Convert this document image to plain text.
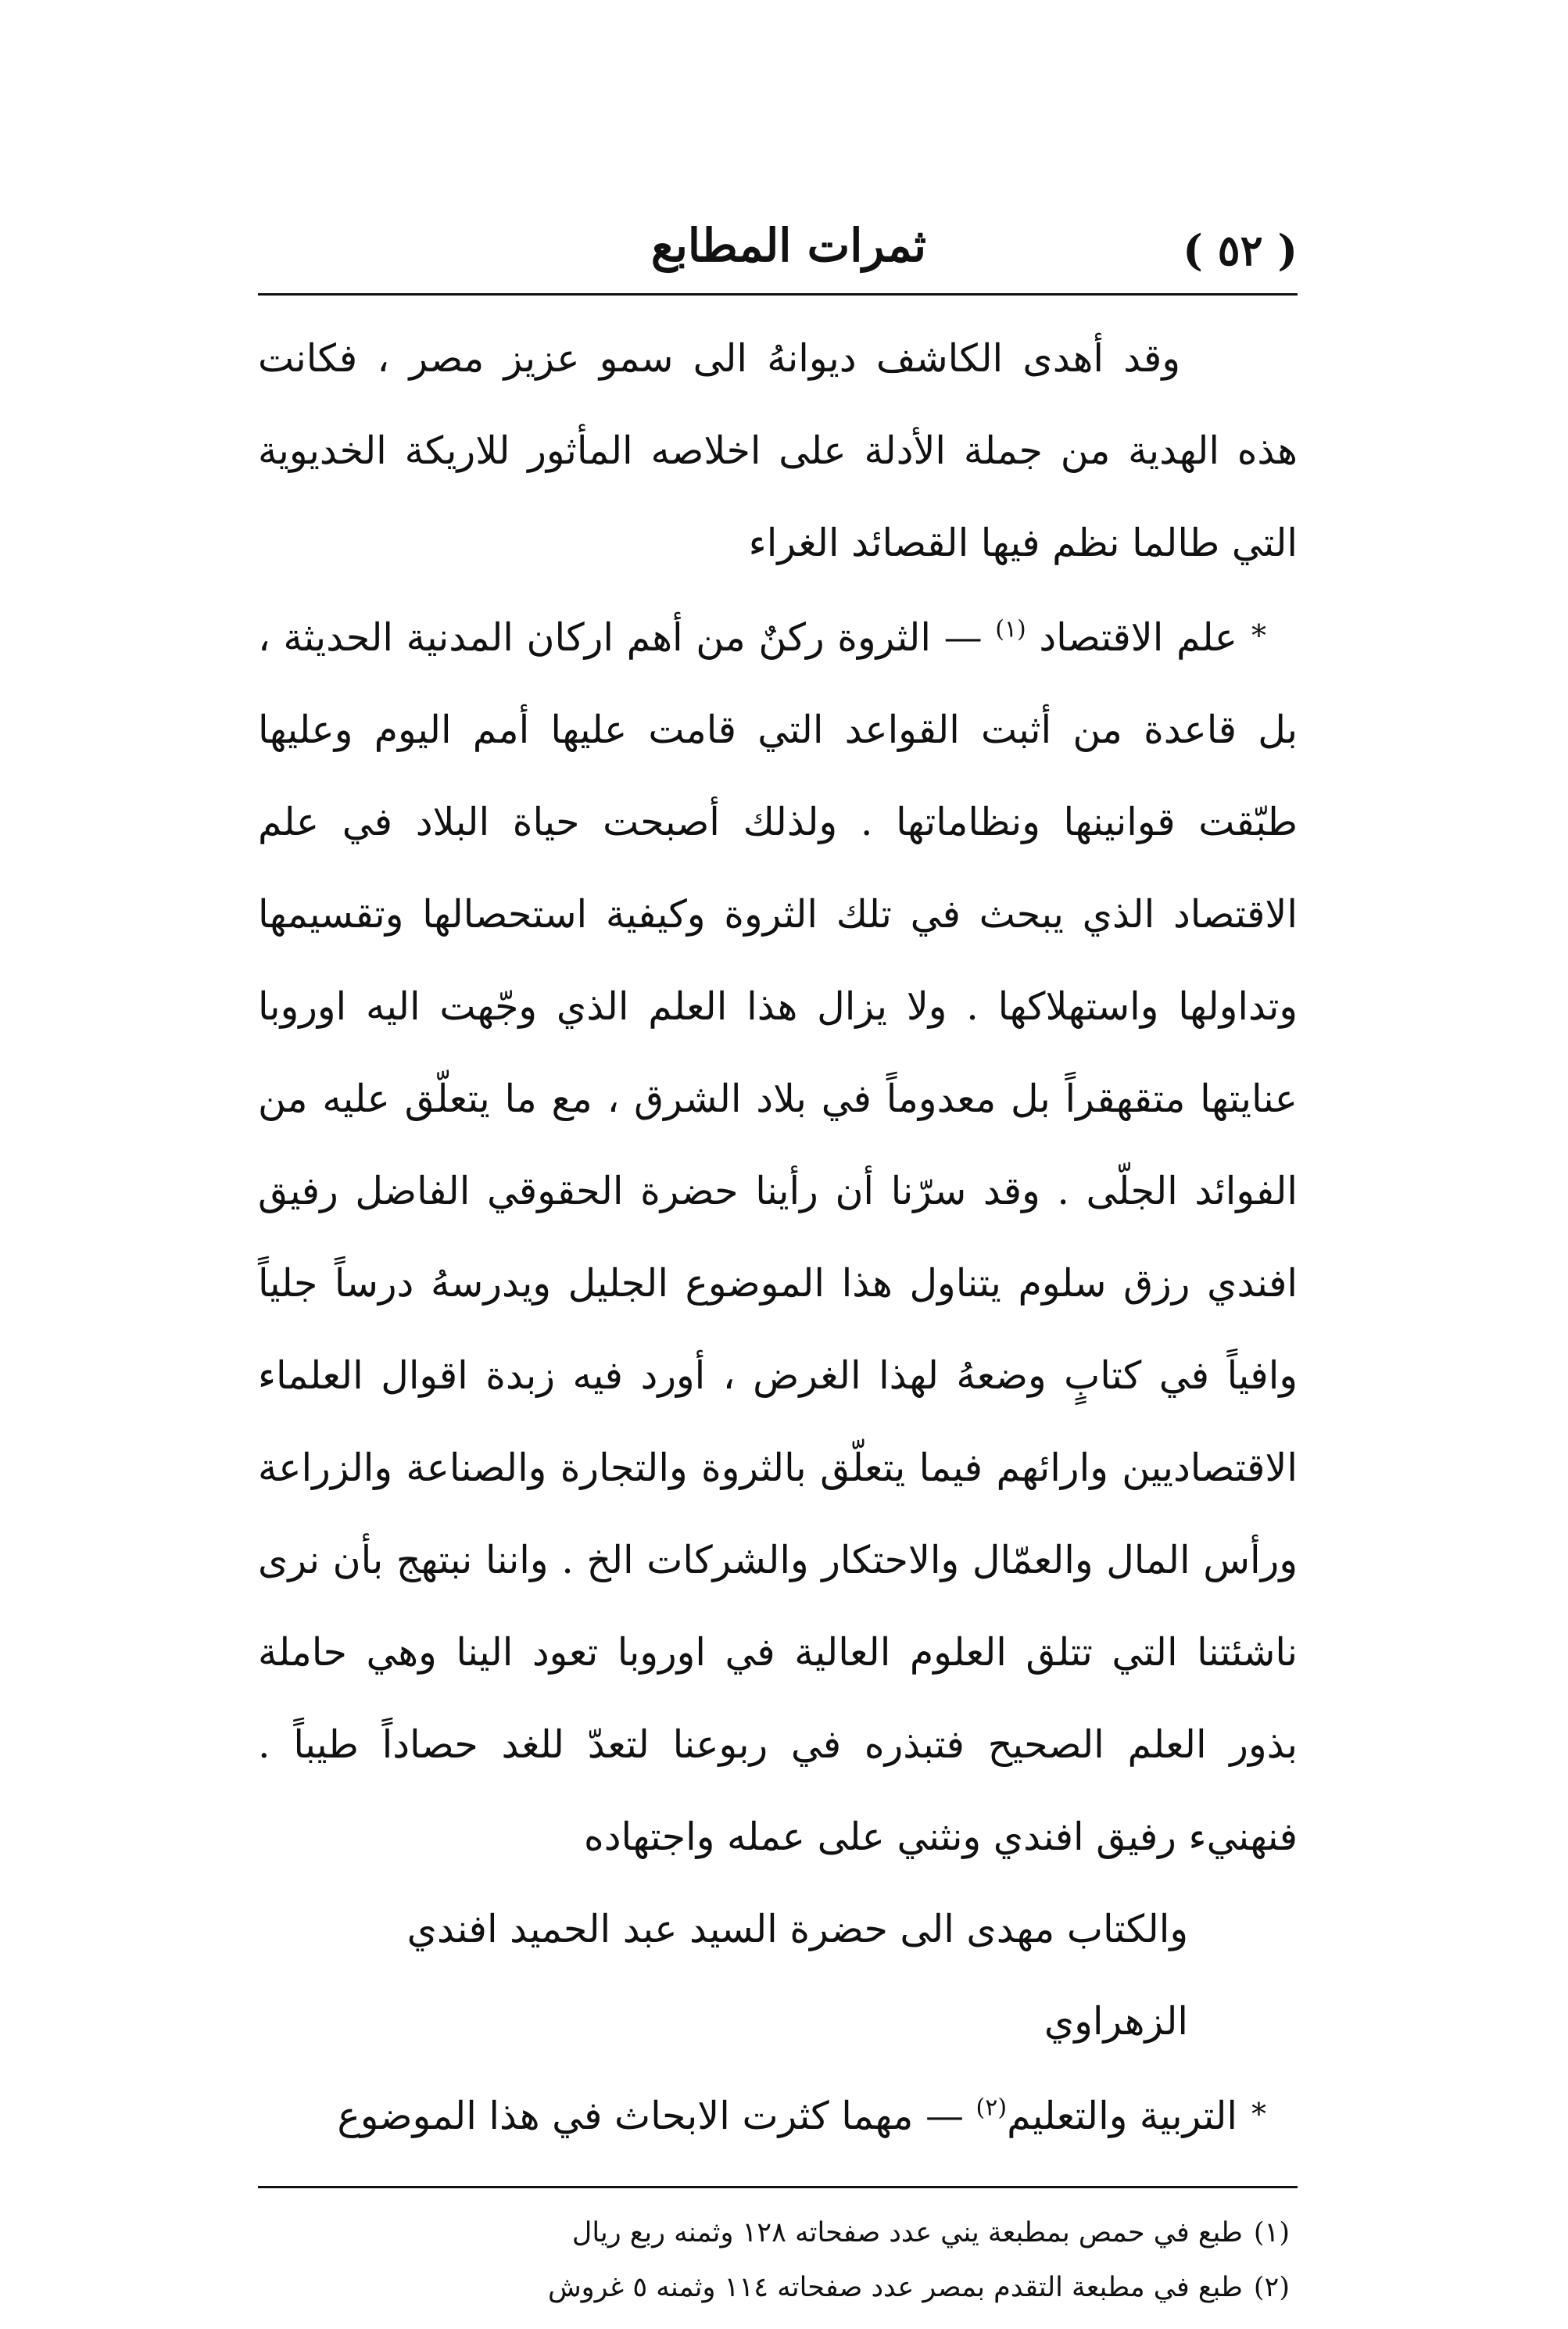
( ٥٢ )
ثمرات المطابع

وقد أهدى الكاشف ديوانهُ الى سمو عزيز مصر ، فكانت هذه الهدية من جملة الأدلة على اخلاصه المأثور للاريكة الخديوية التي طالما نظم فيها القصائد الغراء

*علم الاقتصاد $^{(١)}$ — الثروة ركنٌ من أهم اركان المدنية الحديثة ، بل قاعدة من أثبت القواعد التي قامت عليها أمم اليوم وعليها طبّقت قوانينها ونظاماتها . ولذلك أصبحت حياة البلاد في علم الاقتصاد الذي يبحث في تلك الثروة وكيفية استحصالها وتقسيمها وتداولها واستهلاكها . ولا يزال هذا العلم الذي وجّهت اليه اوروبا عنايتها متقهقراً بل معدوماً في بلاد الشرق ، مع ما يتعلّق عليه من الفوائد الجلّى . وقد سرّنا أن رأينا حضرة الحقوقي الفاضل رفيق افندي رزق سلوم يتناول هذا الموضوع الجليل ويدرسهُ درساً جلياً وافياً في كتابٍ وضعهُ لهذا الغرض ، أورد فيه زبدة اقوال العلماء الاقتصاديين وارائهم فيما يتعلّق بالثروة والتجارة والصناعة والزراعة ورأس المال والعمّال والاحتكار والشركات الخ . واننا نبتهج بأن نرى ناشئتنا التي تتلق العلوم العالية في اوروبا تعود الينا وهي حاملة بذور العلم الصحيح فتبذره في ربوعنا لتعدّ للغد حصاداً طيباً . فنهنيء رفيق افندي ونثني على عمله واجتهاده

والكتاب مهدى الى حضرة السيد عبد الحميد افندي الزهراوي

*التربية والتعليم$^{(٢)}$ — مهما كثرت الابحاث في هذا الموضوع

(١)طبع في حمص بمطبعة يني عدد صفحاته ١٢٨ وثمنه ربع ريال

(٢)طبع في مطبعة التقدم بمصر عدد صفحاته ١١٤ وثمنه ٥ غروش
